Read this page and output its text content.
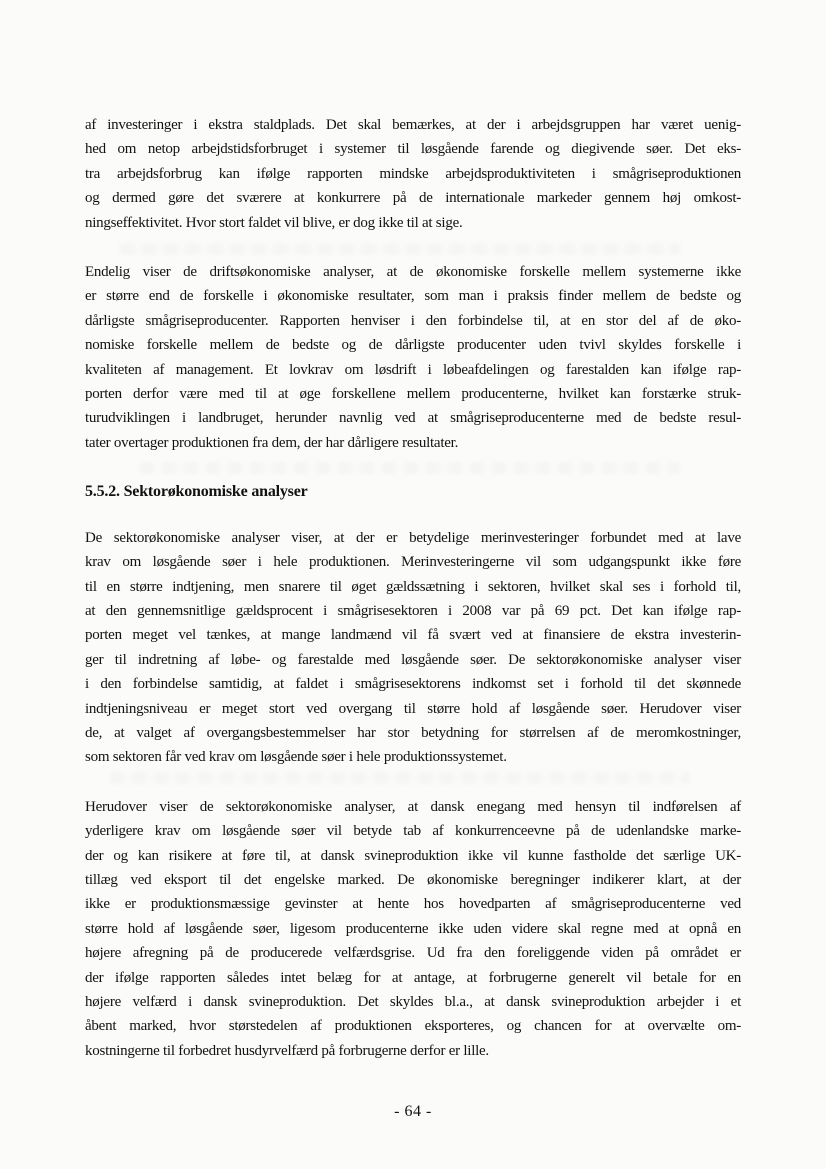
af investeringer i ekstra staldplads. Det skal bemærkes, at der i arbejdsgruppen har været uenig-
hed om netop arbejdstidsforbruget i systemer til løsgående farende og diegivende søer. Det eks-
tra arbejdsforbrug kan ifølge rapporten mindske arbejdsproduktiviteten i smågriseproduktionen
og dermed gøre det sværere at konkurrere på de internationale markeder gennem høj omkost-
ningseffektivitet. Hvor stort faldet vil blive, er dog ikke til at sige.
Endelig viser de driftsøkonomiske analyser, at de økonomiske forskelle mellem systemerne ikke
er større end de forskelle i økonomiske resultater, som man i praksis finder mellem de bedste og
dårligste smågriseproducenter. Rapporten henviser i den forbindelse til, at en stor del af de øko-
nomiske forskelle mellem de bedste og de dårligste producenter uden tvivl skyldes forskelle i
kvaliteten af management. Et lovkrav om løsdrift i løbeafdelingen og farestalden kan ifølge rap-
porten derfor være med til at øge forskellene mellem producenterne, hvilket kan forstærke struk-
turudviklingen i landbruget, herunder navnlig ved at smågriseproducenterne med de bedste resul-
tater overtager produktionen fra dem, der har dårligere resultater.
5.5.2. Sektorøkonomiske analyser
De sektorøkonomiske analyser viser, at der er betydelige merinvesteringer forbundet med at lave
krav om løsgående søer i hele produktionen. Merinvesteringerne vil som udgangspunkt ikke føre
til en større indtjening, men snarere til øget gældssætning i sektoren, hvilket skal ses i forhold til,
at den gennemsnitlige gældsprocent i smågrisesektoren i 2008 var på 69 pct. Det kan ifølge rap-
porten meget vel tænkes, at mange landmænd vil få svært ved at finansiere de ekstra investerin-
ger til indretning af løbe- og farestalde med løsgående søer. De sektorøkonomiske analyser viser
i den forbindelse samtidig, at faldet i smågrisesektorens indkomst set i forhold til det skønnede
indtjeningsniveau er meget stort ved overgang til større hold af løsgående søer. Herudover viser
de, at valget af overgangsbestemmelser har stor betydning for størrelsen af de meromkostninger,
som sektoren får ved krav om løsgående søer i hele produktionssystemet.
Herudover viser de sektorøkonomiske analyser, at dansk enegang med hensyn til indførelsen af
yderligere krav om løsgående søer vil betyde tab af konkurrenceevne på de udenlandske marke-
der og kan risikere at føre til, at dansk svineproduktion ikke vil kunne fastholde det særlige UK-
tillæg ved eksport til det engelske marked. De økonomiske beregninger indikerer klart, at der
ikke er produktionsmæssige gevinster at hente hos hovedparten af smågriseproducenterne ved
større hold af løsgående søer, ligesom producenterne ikke uden videre skal regne med at opnå en
højere afregning på de producerede velfærdsgrise. Ud fra den foreliggende viden på området er
der ifølge rapporten således intet belæg for at antage, at forbrugerne generelt vil betale for en
højere velfærd i dansk svineproduktion. Det skyldes bl.a., at dansk svineproduktion arbejder i et
åbent marked, hvor størstedelen af produktionen eksporteres, og chancen for at overvælte om-
kostningerne til forbedret husdyrvelfærd på forbrugerne derfor er lille.
- 64 -
